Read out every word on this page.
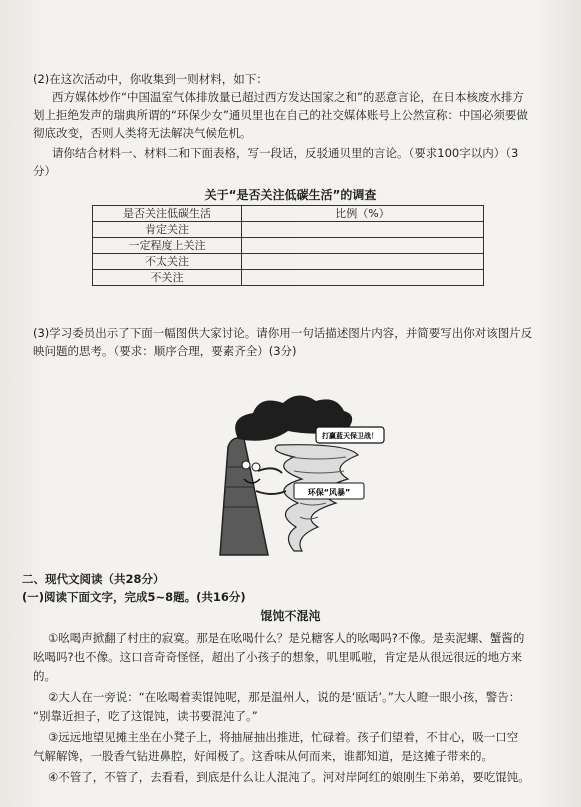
(2)在这次活动中，你收集到一则材料，如下：
西方媒体炒作“中国温室气体排放量已超过西方发达国家之和”的恶意言论，在日本核废水排方
划上拒绝发声的瑞典所谓的“环保少女”通贝里也在自己的社交媒体账号上公然宣称：中国必须要做
彻底改变，否则人类将无法解决气候危机。
请你结合材料一、材料二和下面表格，写一段话，反驳通贝里的言论。（要求100字以内）（3
分）
关于“是否关注低碳生活”的调查
是否关注低碳生活	比例（%）
肯定关注	
一定程度上关注	
不太关注	
不关注	
(3)学习委员出示了下面一幅图供大家讨论。请你用一句话描述图片内容，并简要写出你对该图片反
映问题的思考。（要求：顺序合理，要素齐全）(3分)
打赢蓝天保卫战！
环保“风暴”
二、现代文阅读（共28分）
(一)阅读下面文字，完成5~8题。(共16分)
馄饨不混沌
①吆喝声掀翻了村庄的寂寞。那是在吆喝什么？是兑糖客人的吆喝吗?不像。是卖泥螺、蟹酱的
吆喝吗?也不像。这口音奇奇怪怪，超出了小孩子的想象，叽里呱啦，肯定是从很远很远的地方来
的。
②大人在一旁说：“在吆喝着卖馄饨呢，那是温州人，说的是‘瓯话’。”大人瞪一眼小孩，警告：
“别靠近担子，吃了这馄饨，读书要混沌了。”
③远远地望见摊主坐在小凳子上，将抽屉抽出推进，忙碌着。孩子们望着，不甘心，吸一口空
气解解馋，一股香气钻进鼻腔，好闻极了。这香味从何而来，谁都知道，是这摊子带来的。
④不管了，不管了，去看看，到底是什么让人混沌了。河对岸阿红的娘刚生下弟弟，要吃馄饨。
